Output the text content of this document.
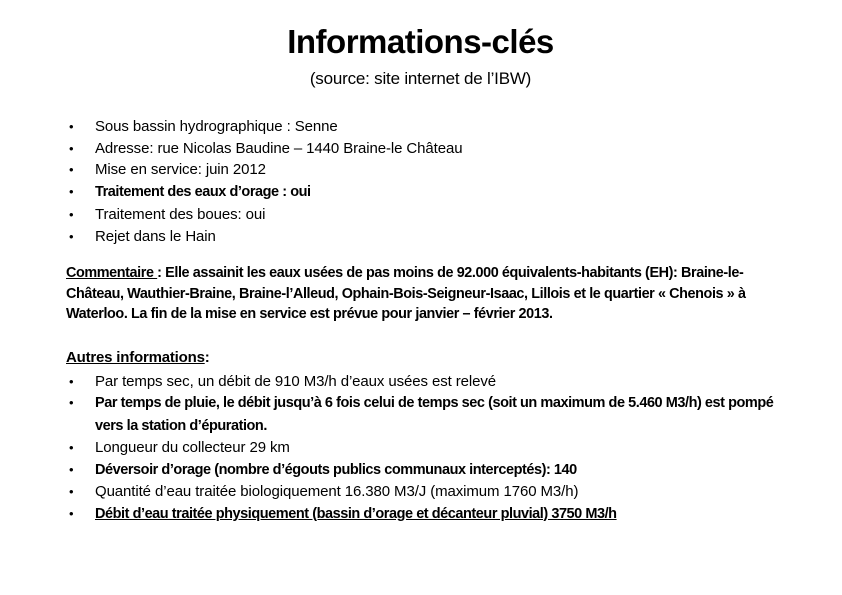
Informations-clés
(source: site internet de l’IBW)
• Sous bassin hydrographique : Senne
• Adresse: rue Nicolas Baudine – 1440 Braine-le Château
• Mise en service: juin 2012
• Traitement des eaux d’orage : oui
• Traitement des boues: oui
• Rejet dans le Hain

Commentaire : Elle assainit les eaux usées de pas moins de 92.000 équivalents-habitants (EH): Braine-le-Château, Wauthier-Braine, Braine-l’Alleud, Ophain-Bois-Seigneur-Isaac, Lillois et le quartier « Chenois » à Waterloo. La fin de la mise en service est prévue pour janvier – février 2013.

Autres informations:

• Par temps sec, un débit de 910 M3/h d’eaux usées est relevé
• Par temps de pluie, le débit jusqu’à 6 fois celui de temps sec (soit un maximum de 5.460 M3/h) est pompé vers la station d’épuration.
• Longueur du collecteur 29 km
• Déversoir d’orage (nombre d’égouts publics communaux interceptés): 140
• Quantité d’eau traitée biologiquement 16.380 M3/J (maximum 1760 M3/h)
• Débit d’eau traitée physiquement (bassin d’orage et décanteur pluvial) 3750 M3/h
